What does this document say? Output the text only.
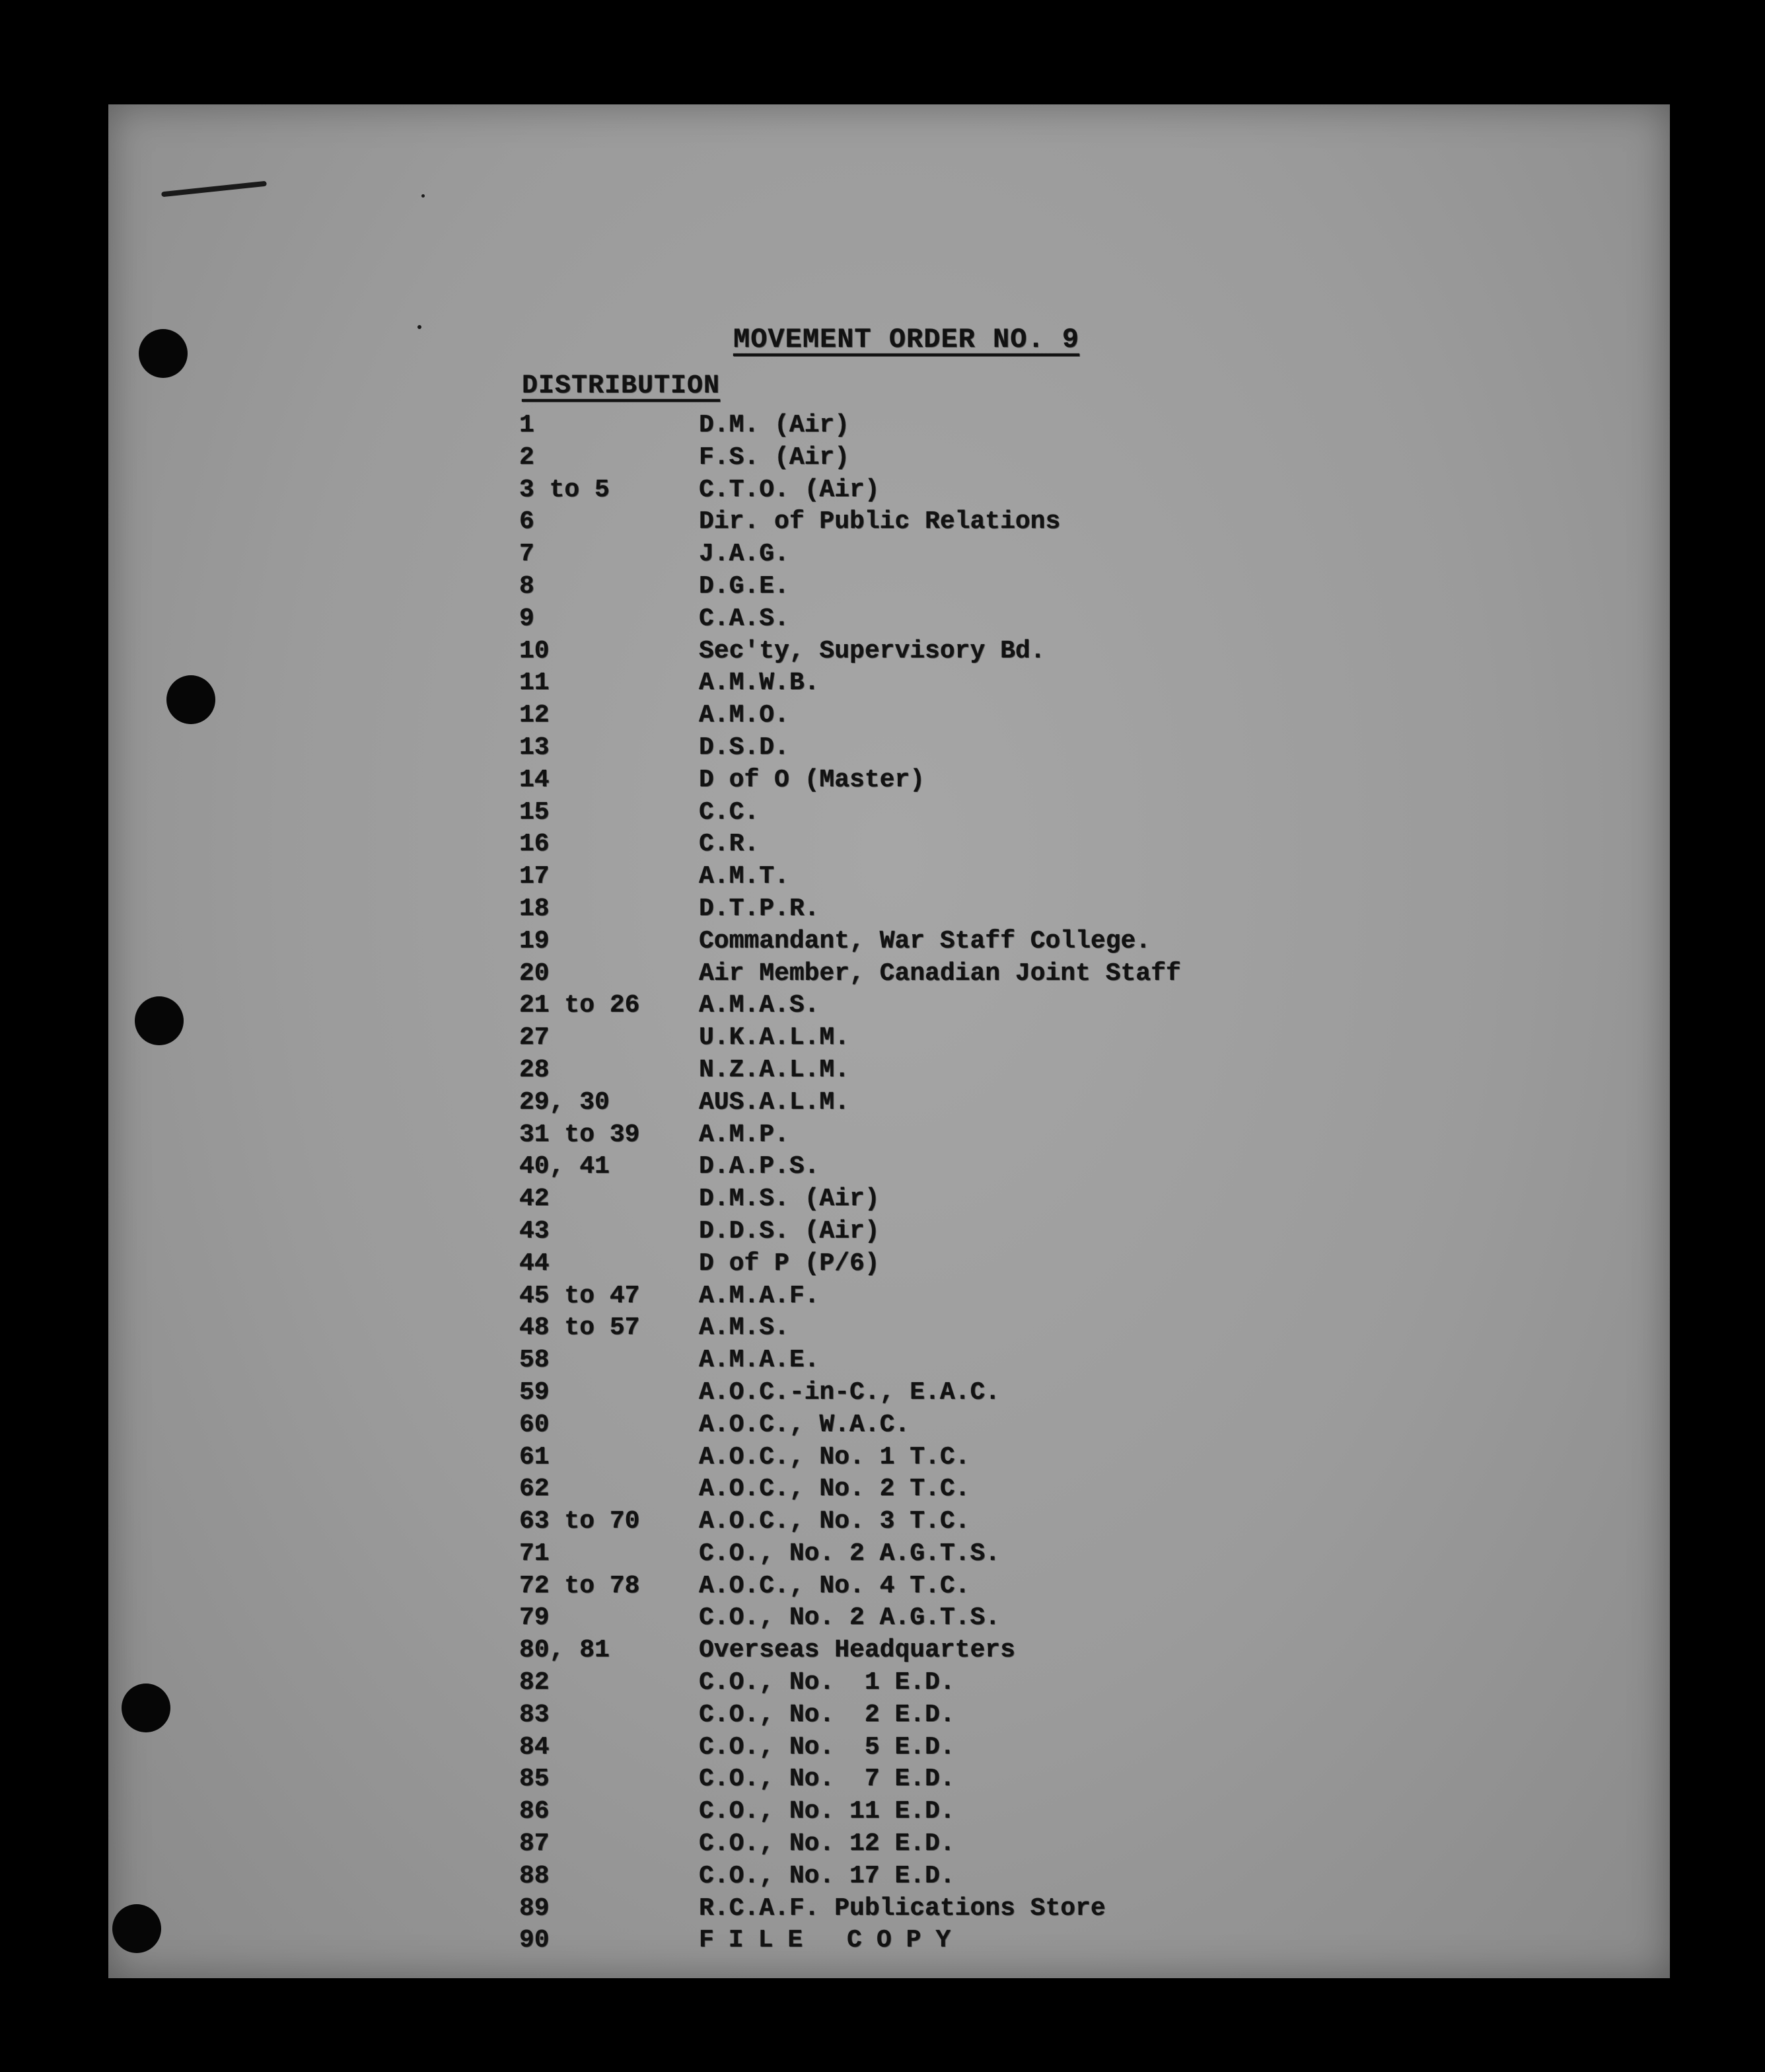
MOVEMENT ORDER NO. 9
DISTRIBUTION
1	D.M. (Air)
2	F.S. (Air)
3 to 5	C.T.O. (Air)
6	Dir. of Public Relations
7	J.A.G.
8	D.G.E.
9	C.A.S.
10	Sec'ty, Supervisory Bd.
11	A.M.W.B.
12	A.M.O.
13	D.S.D.
14	D of O (Master)
15	C.C.
16	C.R.
17	A.M.T.
18	D.T.P.R.
19	Commandant, War Staff College.
20	Air Member, Canadian Joint Staff
21 to 26 A.M.A.S.
27	U.K.A.L.M.
28	N.Z.A.L.M.
29, 30	AUS.A.L.M.
31 to 39 A.M.P.
40, 41	D.A.P.S.
42	D.M.S. (Air)
43	D.D.S. (Air)
44	D of P (P/6)
45 to 47 A.M.A.F.
48 to 57 A.M.S.
58	A.M.A.E.
59	A.O.C.-in-C., E.A.C.
60	A.O.C., W.A.C.
61	A.O.C., No. 1 T.C.
62	A.O.C., No. 2 T.C.
63 to 70 A.O.C., No. 3 T.C.
71	C.O., No. 2 A.G.T.S.
72 to 78 A.O.C., No. 4 T.C.
79	C.O., No. 2 A.G.T.S.
80, 81	Overseas Headquarters
82	C.O., No.  1 E.D.
83	C.O., No.  2 E.D.
84	C.O., No.  5 E.D.
85	C.O., No.  7 E.D.
86	C.O., No. 11 E.D.
87	C.O., No. 12 E.D.
88	C.O., No. 17 E.D.
89	R.C.A.F. Publications Store
90	FILE COPY
